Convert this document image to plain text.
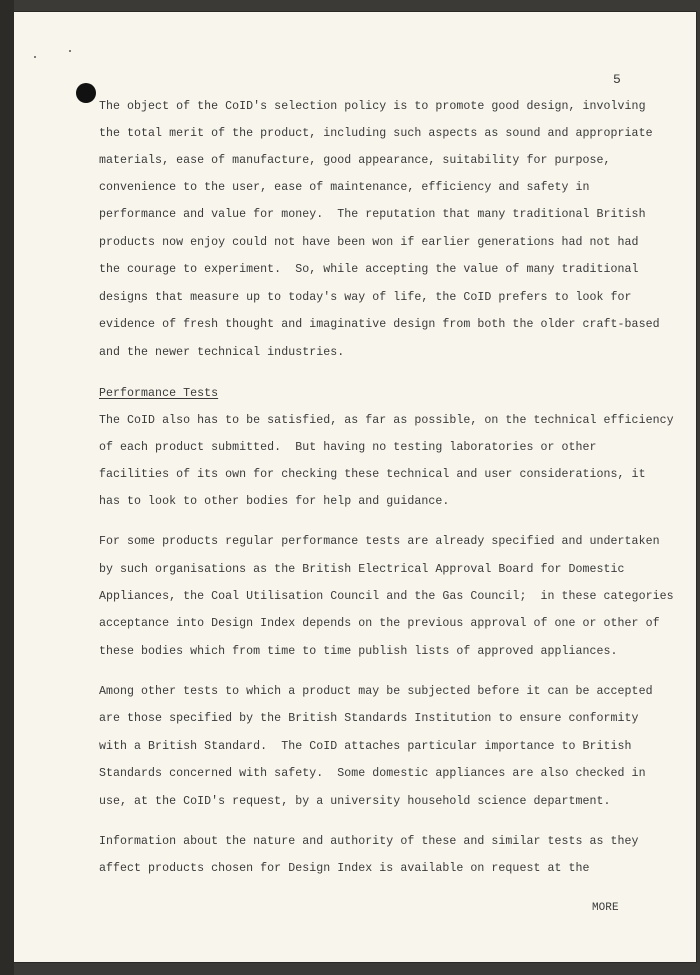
5
The object of the CoID's selection policy is to promote good design, involving
the total merit of the product, including such aspects as sound and appropriate
materials, ease of manufacture, good appearance, suitability for purpose,
convenience to the user, ease of maintenance, efficiency and safety in
performance and value for money.  The reputation that many traditional British
products now enjoy could not have been won if earlier generations had not had
the courage to experiment.  So, while accepting the value of many traditional
designs that measure up to today's way of life, the CoID prefers to look for
evidence of fresh thought and imaginative design from both the older craft-based
and the newer technical industries.
Performance Tests
The CoID also has to be satisfied, as far as possible, on the technical efficiency
of each product submitted.  But having no testing laboratories or other
facilities of its own for checking these technical and user considerations, it
has to look to other bodies for help and guidance.
For some products regular performance tests are already specified and undertaken
by such organisations as the British Electrical Approval Board for Domestic
Appliances, the Coal Utilisation Council and the Gas Council;  in these categories
acceptance into Design Index depends on the previous approval of one or other of
these bodies which from time to time publish lists of approved appliances.
Among other tests to which a product may be subjected before it can be accepted
are those specified by the British Standards Institution to ensure conformity
with a British Standard.  The CoID attaches particular importance to British
Standards concerned with safety.  Some domestic appliances are also checked in
use, at the CoID's request, by a university household science department.
Information about the nature and authority of these and similar tests as they
affect products chosen for Design Index is available on request at the
MORE
